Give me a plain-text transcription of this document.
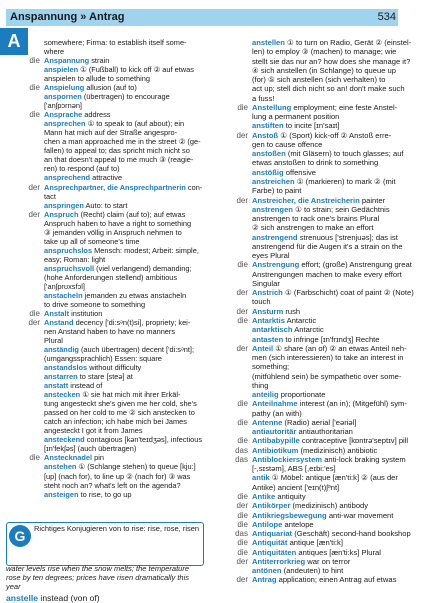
Anspannung » Antrag	534
A	somewhere; Firma: to establish itself some-
where
die Anspannung strain
anspielen ① (Fußball) to kick off ② auf etwas
anspielen to allude to something
die Anspielung allusion (auf to)
anspornen (übertragen) to encourage
['anʃpɔrnən]
die Ansprache address
ansprechen ① to speak to (auf about); ein
Mann hat mich auf der Straße angespro-
chen a man approached me in the street ② (ge-
fallen) to appeal to; das spricht mich nicht so
an that doesn't appeal to me much ③ (reagie-
ren) to respond (auf to)
ansprechend attractive
der Ansprechpartner, die Ansprechpartnerin con-
tact
anspringen Auto: to start
der Anspruch (Recht) claim (auf to); auf etwas
Anspruch haben to have a right to something
③ jemanden völlig in Anspruch nehmen to
take up all of someone's time
anspruchslos Mensch: modest; Arbeit: simple,
easy; Roman: light
anspruchsvoll (viel verlangend) demanding;
(hohe Anforderungen stellend) ambitious
['anʃprʊxsfɔl]
anstacheln jemanden zu etwas anstacheln
to drive someone to something
die Anstalt institution
der Anstand decency ['di:sᵊn(t)si], propriety; kei-
nen Anstand haben to have no manners
Plural
anständig (auch übertragen) decent ['di:sᵊnt];
(umgangssprachlich) Essen: square
anstandslos without difficulty
anstarren to stare [steə] at
anstatt instead of
anstecken ① sie hat mich mit ihrer Erkäl-
tung angesteckt she's given me her cold, she's
passed on her cold to me ② sich anstecken to
catch an infection; ich habe mich bei James
angesteckt I got it from James
ansteckend contagious [kən'teɪdʒəs], infectious
[ɪn'fekʃəs] (auch übertragen)
die Anstecknadel pin
anstehen ① (Schlange stehen) to queue [kju:]
[up] (nach for), to line up ② (nach for) ③ was
steht noch an? what's left on the agenda?
ansteigen to rise, to go up
anstellen ① to turn on Radio, Gerät ② (einstel-
len) to employ ③ (machen) to manage; wie
stellt sie das nur an? how does she manage it?
④ sich anstellen (in Schlange) to queue up
(for) ⑤ sich anstellen (sich verhalten) to
act up; stell dich nicht so an! don't make such
a fuss!
die Anstellung employment; eine feste Anstel-
lung a permanent position
anstiften to incite [ɪn'saɪt]
der Anstoß ① (Sport) kick-off ② Anstoß erre-
gen to cause offence
anstoßen (mit Gläsern) to touch glasses; auf
etwas anstoßen to drink to something
anstößig offensive
anstreichen ① (markieren) to mark ② (mit
Farbe) to paint
der Anstreicher, die Anstreicherin painter
anstrengen ① to strain; sein Gedächtnis
anstrengen to rack one's brains Plural
② sich anstrengen to make an effort
anstrengend strenuous ['strenjuəs]; das ist
anstrengend für die Augen it's a strain on the
eyes Plural
die Anstrengung effort; (große) Anstrengung great
Anstrengungen machen to make every effort
Singular
der Anstrich ① (Farbschicht) coat of paint ② (Note)
touch
der Ansturm rush
die Antarktis Antarctic
antarktisch Antarctic
antasten to infringe [ɪn'frɪndʒ] Rechte
der Anteil ① share (an of) ② an etwas Anteil neh-
men (sich interessieren) to take an interest in something;
(mitfühlend sein) be sympathetic over some-
thing
anteilig proportionate
die Anteilnahme interest (an in); (Mitgefühl) sym-
pathy (an with)
die Antenne (Radio) aerial ['eəriəl]
antiautoritär antiauthoritarian
die Antibabypille contraceptive [kɒntrə'septɪv] pill
das Antibiotikum (medizinisch) antibiotic
das Antiblockiersystem anti-lock braking system
[-,sɪstəm], ABS [,eɪbi:'es]
antik ① Möbel: antique [æn'ti:k] ② (aus der
Antike) ancient ['eɪn(t)ʃᵊnt]
die Antike antiquity
der Antikörper (medizinisch) antibody
die Antikriegsbewegung anti-war movement
die Antilope antelope
das Antiquariat (Geschäft) second-hand bookshop
die Antiquität antique [æn'ti:k]
die Antiquitäten antiques [æn'ti:ks] Plural
der Antiterrorkrieg war on terror
antönen (andeuten) to hint
der Antrag application; einen Antrag auf etwas
G	Richtiges Konjugieren von to rise: rise, rose, risen
water levels rise when the snow melts; the temperature rose by ten degrees; prices have risen dramatically this year
anstelle instead (von of)
